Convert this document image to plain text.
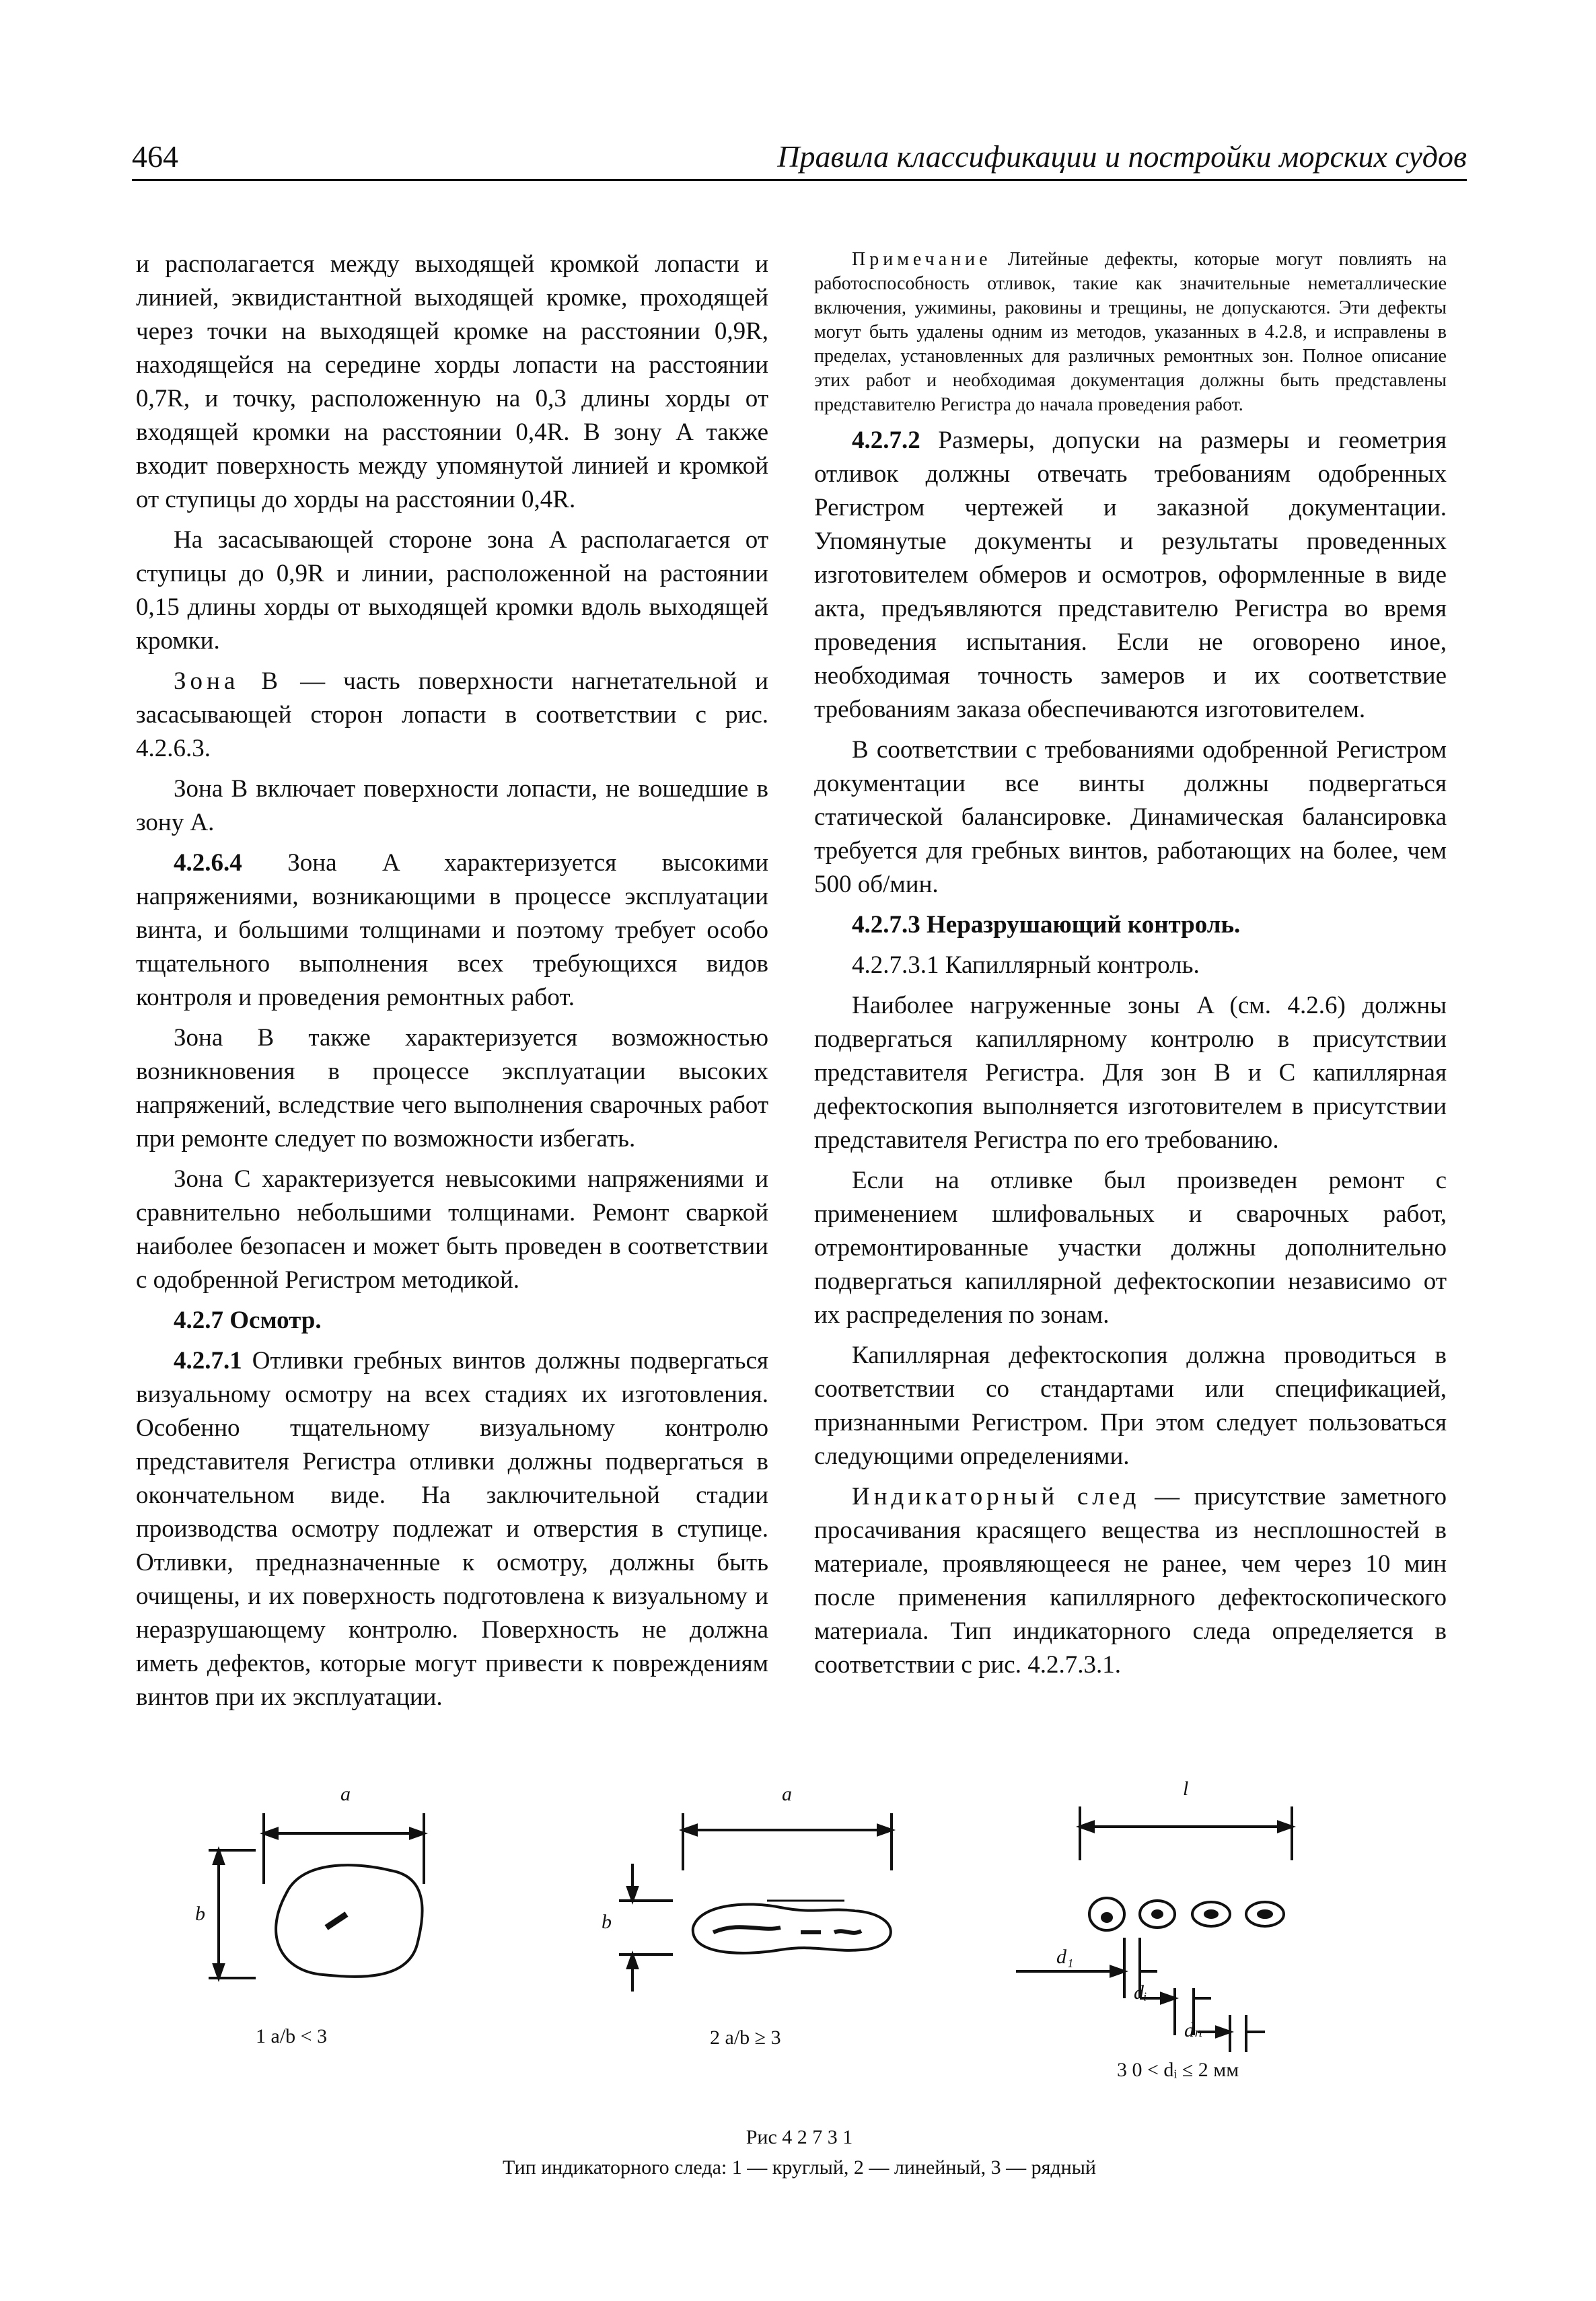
464	Правила классификации и постройки морских судов

и располагается между выходящей кромкой лопасти и линией, эквидистантной выходящей кромке, проходящей через точки на выходящей кромке на расстоянии 0,9R, находящейся на середине хорды лопасти на расстоянии 0,7R, и точку, расположенную на 0,3 длины хорды от входящей кромки на расстоянии 0,4R. В зону A также входит поверхность между упомянутой линией и кромкой от ступицы до хорды на расстоянии 0,4R.

На засасывающей стороне зона A располагается от ступицы до 0,9R и линии, расположенной на растоянии 0,15 длины хорды от выходящей кромки вдоль выходящей кромки.

Зона B — часть поверхности нагнетательной и засасывающей сторон лопасти в соответствии с рис. 4.2.6.3.

Зона B включает поверхности лопасти, не вошедшие в зону A.

4.2.6.4 Зона A характеризуется высокими напряжениями, возникающими в процессе эксплуатации винта, и большими толщинами и поэтому требует особо тщательного выполнения всех требующихся видов контроля и проведения ремонтных работ.

Зона B также характеризуется возможностью возникновения в процессе эксплуатации высоких напряжений, вследствие чего выполнения сварочных работ при ремонте следует по возможности избегать.

Зона C характеризуется невысокими напряжениями и сравнительно небольшими толщинами. Ремонт сваркой наиболее безопасен и может быть проведен в соответствии с одобренной Регистром методикой.

4.2.7 Осмотр.

4.2.7.1 Отливки гребных винтов должны подвергаться визуальному осмотру на всех стадиях их изготовления. Особенно тщательному визуальному контролю представителя Регистра отливки должны подвергаться в окончательном виде. На заключительной стадии производства осмотру подлежат и отверстия в ступице. Отливки, предназначенные к осмотру, должны быть очищены, и их поверхность подготовлена к визуальному и неразрушающему контролю. Поверхность не должна иметь дефектов, которые могут привести к повреждениям винтов при их эксплуатации.

Примечание Литейные дефекты, которые могут повлиять на работоспособность отливок, такие как значительные неметаллические включения, ужимины, раковины и трещины, не допускаются. Эти дефекты могут быть удалены одним из методов, указанных в 4.2.8, и исправлены в пределах, установленных для различных ремонтных зон. Полное описание этих работ и необходимая документация должны быть представлены представителю Регистра до начала проведения работ.

4.2.7.2 Размеры, допуски на размеры и геометрия отливок должны отвечать требованиям одобренных Регистром чертежей и заказной документации. Упомянутые документы и результаты проведенных изготовителем обмеров и осмотров, оформленные в виде акта, предъявляются представителю Регистра во время проведения испытания. Если не оговорено иное, необходимая точность замеров и их соответствие требованиям заказа обеспечиваются изготовителем.

В соответствии с требованиями одобренной Регистром документации все винты должны подвергаться статической балансировке. Динамическая балансировка требуется для гребных винтов, работающих на более, чем 500 об/мин.

4.2.7.3 Неразрушающий контроль.

4.2.7.3.1 Капиллярный контроль.

Наиболее нагруженные зоны A (см. 4.2.6) должны подвергаться капиллярному контролю в присутствии представителя Регистра. Для зон B и C капиллярная дефектоскопия выполняется изготовителем в присутствии представителя Регистра по его требованию.

Если на отливке был произведен ремонт с применением шлифовальных и сварочных работ, отремонтированные участки должны дополнительно подвергаться капиллярной дефектоскопии независимо от их распределения по зонам.

Капиллярная дефектоскопия должна проводиться в соответствии со стандартами или спецификацией, признанными Регистром. При этом следует пользоваться следующими определениями.

Индикаторный след — присутствие заметного просачивания красящего вещества из несплошностей в материале, проявляющееся не ранее, чем через 10 мин после применения капиллярного дефектоскопического материала. Тип индикаторного следа определяется в соответствии с рис. 4.2.7.3.1.

a
b
1 a/b < 3
a
b
2 a/b ≥ 3
l
d₁
dᵢ
dₙ
3 0 < dᵢ ≤ 2 мм
Рис 4 2 7 3 1
Тип индикаторного следа: 1 — круглый, 2 — линейный, 3 — рядный
